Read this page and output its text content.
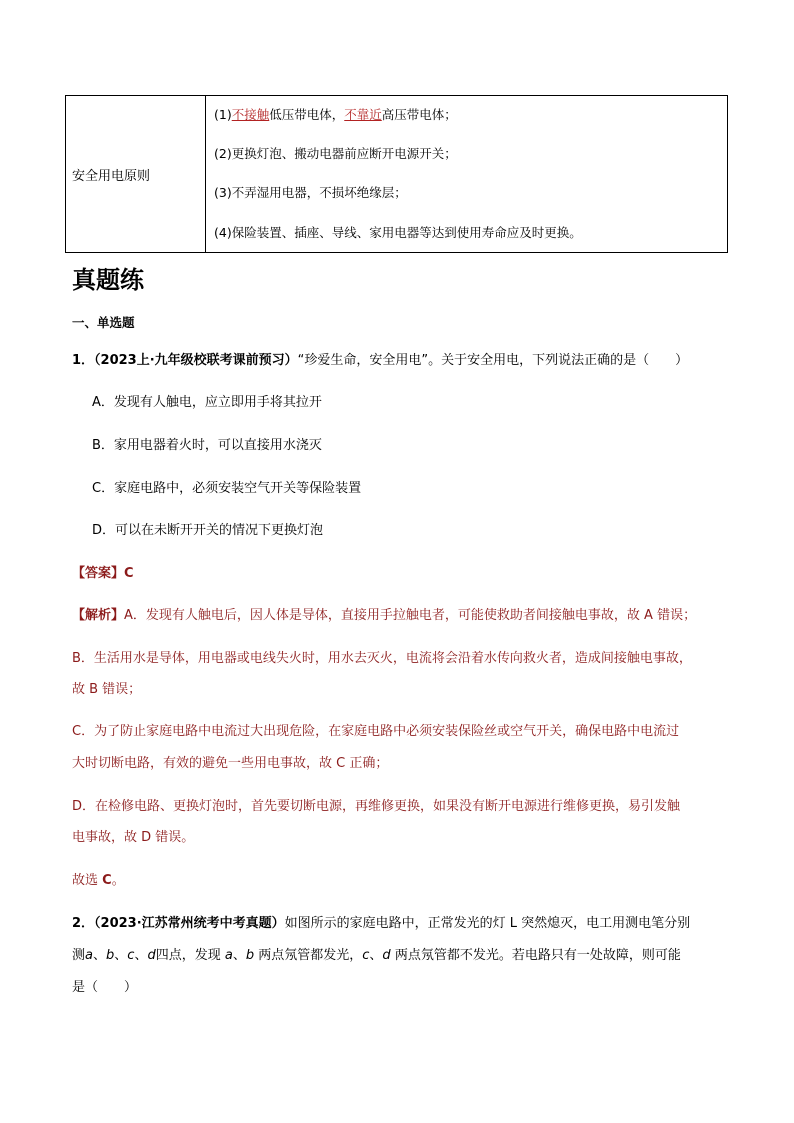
安全用电原则
(1)不接触低压带电体，不靠近高压带电体；
(2)更换灯泡、搬动电器前应断开电源开关；
(3)不弄湿用电器，不损坏绝缘层；
(4)保险装置、插座、导线、家用电器等达到使用寿命应及时更换。
真题练
一、单选题
1．（2023上·九年级校联考课前预习）“珍爱生命，安全用电”。关于安全用电，下列说法正确的是（　　）
A．发现有人触电，应立即用手将其拉开
B．家用电器着火时，可以直接用水浇灭
C．家庭电路中，必须安装空气开关等保险装置
D．可以在未断开开关的情况下更换灯泡
【答案】C
【解析】A．发现有人触电后，因人体是导体，直接用手拉触电者，可能使救助者间接触电事故，故 A 错误；
B．生活用水是导体，用电器或电线失火时，用水去灭火，电流将会沿着水传向救火者，造成间接触电事故，
故 B 错误；
C．为了防止家庭电路中电流过大出现危险，在家庭电路中必须安装保险丝或空气开关，确保电路中电流过
大时切断电路，有效的避免一些用电事故，故 C 正确；
D．在检修电路、更换灯泡时，首先要切断电源，再维修更换，如果没有断开电源进行维修更换，易引发触
电事故，故 D 错误。
故选 C。
2．（2023·江苏常州统考中考真题）如图所示的家庭电路中，正常发光的灯 L 突然熄灭，电工用测电笔分别
测a、b、c、d四点，发现 a、b 两点氖管都发光，c、d 两点氖管都不发光。若电路只有一处故障，则可能
是（　　）
